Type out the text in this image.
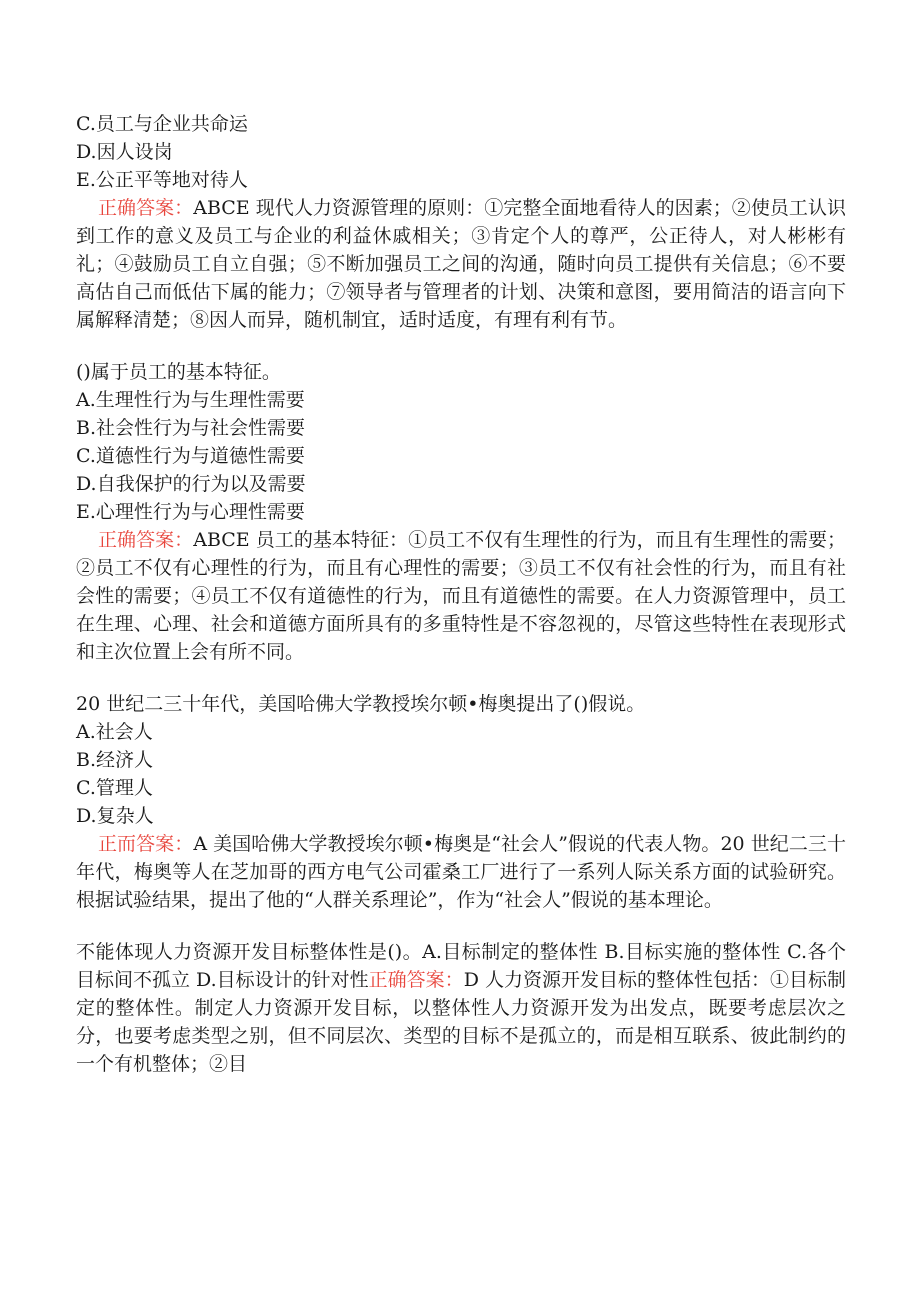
C.员工与企业共命运
D.因人设岗
E.公正平等地对待人
正确答案：ABCE 现代人力资源管理的原则：①完整全面地看待人的因素；②使员工认识到工作的意义及员工与企业的利益休戚相关；③肯定个人的尊严，公正待人，对人彬彬有礼；④鼓励员工自立自强；⑤不断加强员工之间的沟通，随时向员工提供有关信息；⑥不要高估自己而低估下属的能力；⑦领导者与管理者的计划、决策和意图，要用简洁的语言向下属解释清楚；⑧因人而异，随机制宜，适时适度，有理有利有节。
()属于员工的基本特征。
A.生理性行为与生理性需要
B.社会性行为与社会性需要
C.道德性行为与道德性需要
D.自我保护的行为以及需要
E.心理性行为与心理性需要
正确答案：ABCE 员工的基本特征：①员工不仅有生理性的行为，而且有生理性的需要；②员工不仅有心理性的行为，而且有心理性的需要；③员工不仅有社会性的行为，而且有社会性的需要；④员工不仅有道德性的行为，而且有道德性的需要。在人力资源管理中，员工在生理、心理、社会和道德方面所具有的多重特性是不容忽视的，尽管这些特性在表现形式和主次位置上会有所不同。
20 世纪二三十年代，美国哈佛大学教授埃尔顿•梅奥提出了()假说。
A.社会人
B.经济人
C.管理人
D.复杂人
正而答案：A 美国哈佛大学教授埃尔顿•梅奥是“社会人”假说的代表人物。20 世纪二三十年代，梅奥等人在芝加哥的西方电气公司霍桑工厂进行了一系列人际关系方面的试验研究。根据试验结果，提出了他的“人群关系理论”，作为“社会人”假说的基本理论。
不能体现人力资源开发目标整体性是()。A.目标制定的整体性 B.目标实施的整体性 C.各个目标间不孤立 D.目标设计的针对性正确答案：D 人力资源开发目标的整体性包括：①目标制定的整体性。制定人力资源开发目标，以整体性人力资源开发为出发点，既要考虑层次之分，也要考虑类型之别，但不同层次、类型的目标不是孤立的，而是相互联系、彼此制约的一个有机整体；②目
